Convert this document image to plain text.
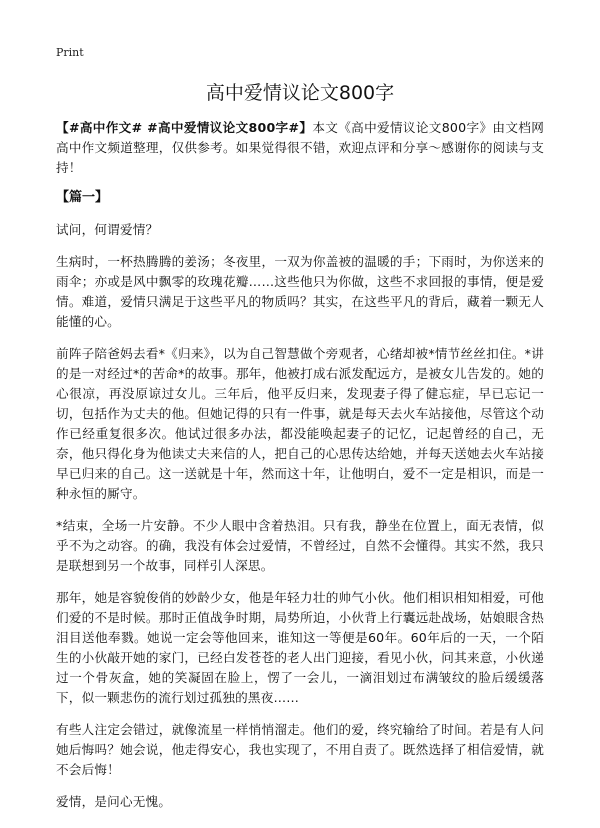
Print
高中爱情议论文800字

【#高中作文# #高中爱情议论文800字#】本文《高中爱情议论文800字》由文档网高中作文频道整理，仅供参考。如果觉得很不错，欢迎点评和分享～感谢你的阅读与支持！

【篇一】

试问，何谓爱情？

生病时，一杯热腾腾的姜汤；冬夜里，一双为你盖被的温暖的手；下雨时，为你送来的雨伞；亦或是风中飘零的玫瑰花瓣……这些他只为你做，这些不求回报的事情，便是爱情。难道，爱情只满足于这些平凡的物质吗？其实，在这些平凡的背后，藏着一颗无人能懂的心。

前阵子陪爸妈去看*《归来》，以为自己智慧做个旁观者，心绪却被*情节丝丝扣住。*讲的是一对经过*的苦命*的故事。那年，他被打成右派发配远方，是被女儿告发的。她的心很凉，再没原谅过女儿。三年后，他平反归来，发现妻子得了健忘症，早已忘记一切，包括作为丈夫的他。但她记得的只有一件事，就是每天去火车站接他，尽管这个动作已经重复很多次。他试过很多办法，都没能唤起妻子的记忆，记起曾经的自己，无奈，他只得化身为他读丈夫来信的人，把自己的心思传达给她，并每天送她去火车站接早已归来的自己。这一送就是十年，然而这十年，让他明白，爱不一定是相识，而是一种永恒的厮守。

*结束，全场一片安静。不少人眼中含着热泪。只有我，静坐在位置上，面无表情，似乎不为之动容。的确，我没有体会过爱情，不曾经过，自然不会懂得。其实不然，我只是联想到另一个故事，同样引人深思。

那年，她是容貌俊俏的妙龄少女，他是年轻力壮的帅气小伙。他们相识相知相爱，可他们爱的不是时候。那时正值战争时期，局势所迫，小伙背上行囊远赴战场，姑娘眼含热泪目送他奉戮。她说一定会等他回来，谁知这一等便是60年。60年后的一天，一个陌生的小伙敲开她的家门，已经白发苍苍的老人出门迎接，看见小伙，问其来意，小伙递过一个骨灰盒，她的笑凝固在脸上，愣了一会儿，一滴泪划过布满皱纹的脸后缓缓落下，似一颗悲伤的流行划过孤独的黑夜……

有些人注定会错过，就像流星一样悄悄溜走。他们的爱，终究输给了时间。若是有人问她后悔吗？她会说，他走得安心，我也实现了，不用自责了。既然选择了相信爱情，就不会后悔！

爱情，是问心无愧。
